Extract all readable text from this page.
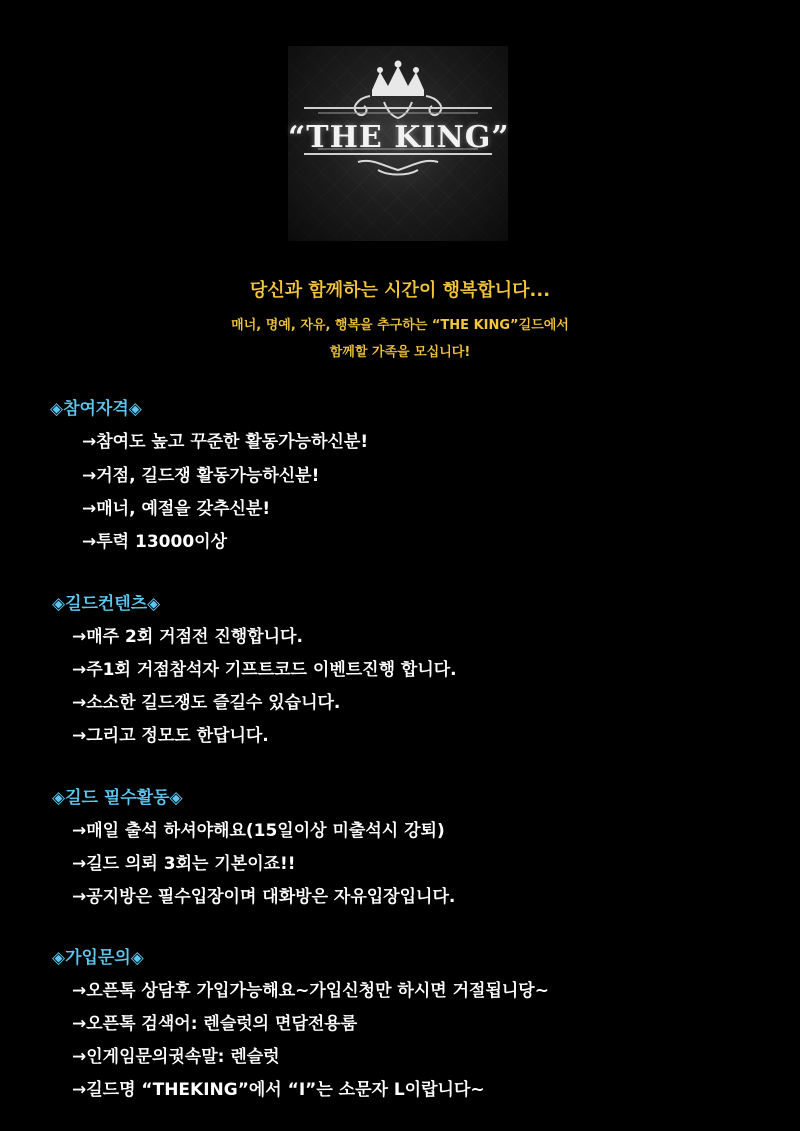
“THE KING”
당신과 함께하는 시간이 행복합니다...
매너, 명예, 자유, 행복을 추구하는 “THE KING”길드에서
함께할 가족을 모십니다!
◈참여자격◈
→참여도 높고 꾸준한 활동가능하신분!
→거점, 길드쟁 활동가능하신분!
→매너, 예절을 갖추신분!
→투력 13000이상
◈길드컨텐츠◈
→매주 2회 거점전 진행합니다.
→주1회 거점참석자 기프트코드 이벤트진행 합니다.
→소소한 길드쟁도 즐길수 있습니다.
→그리고 정모도 한답니다.
◈길드 필수활동◈
→매일 출석 하셔야해요(15일이상 미출석시 강퇴)
→길드 의뢰 3회는 기본이죠!!
→공지방은 필수입장이며 대화방은 자유입장입니다.
◈가입문의◈
→오픈톡 상담후 가입가능해요~가입신청만 하시면 거절됩니당~
→오픈톡 검색어: 렌슬럿의 면담전용룸
→인게임문의귓속말: 렌슬럿
→길드명 “THEKING”에서 “I”는 소문자 L이랍니다~
